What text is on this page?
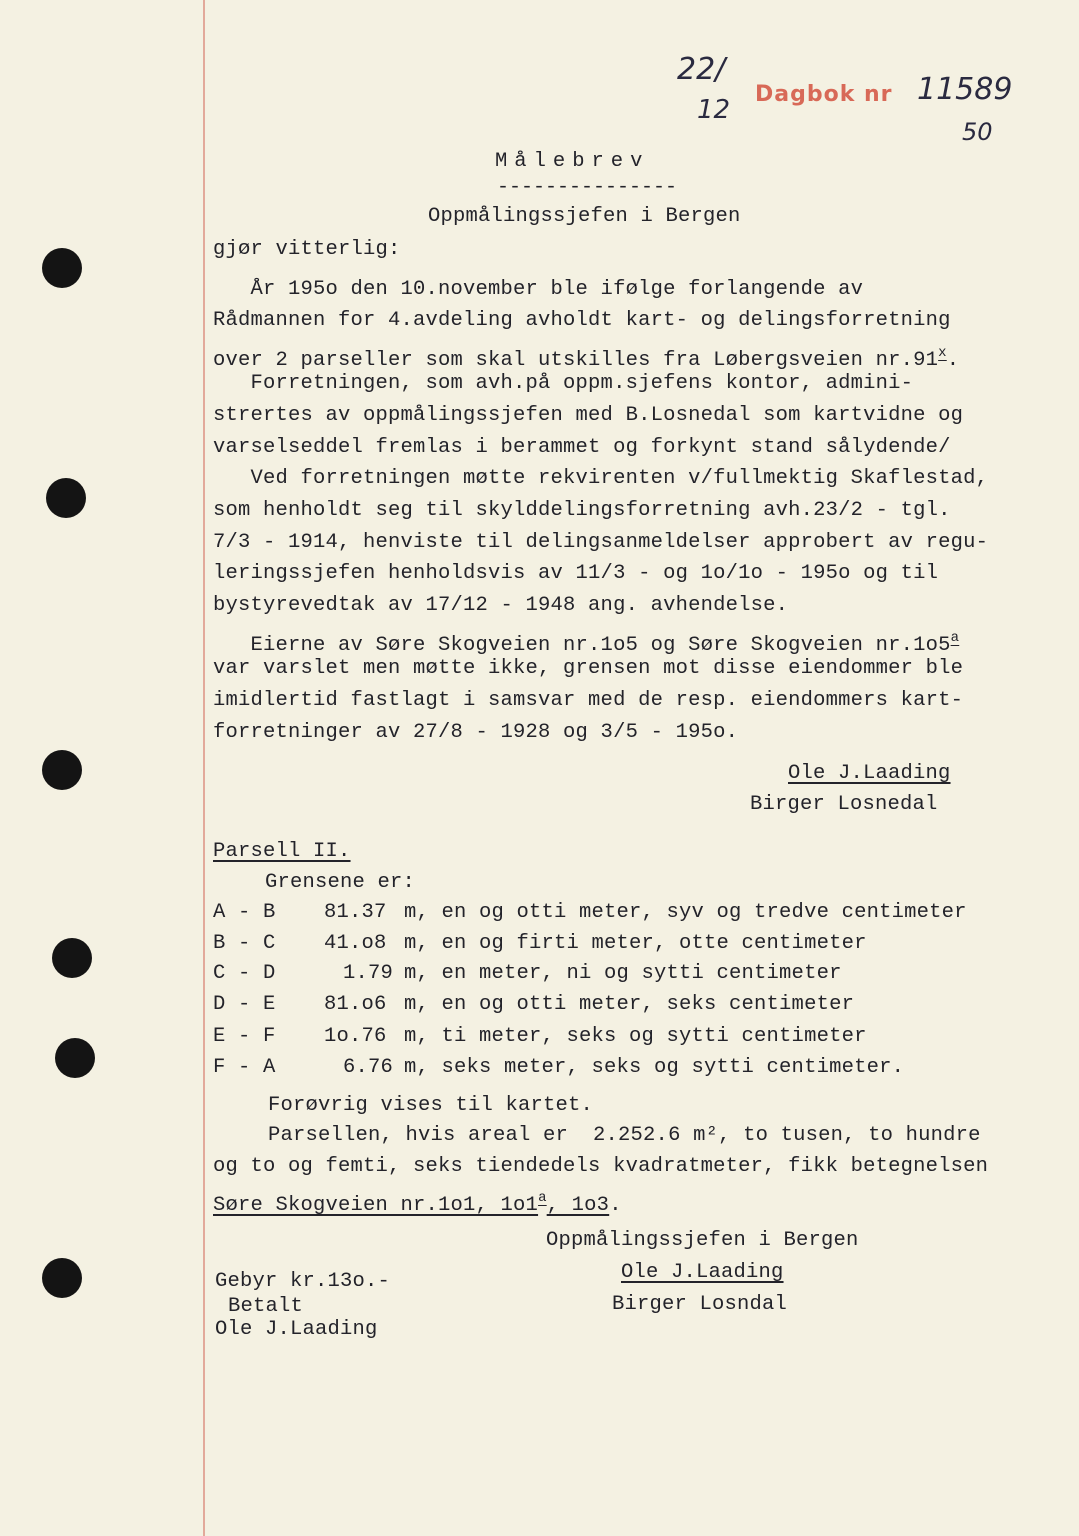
22/
12
Dagbok nr 11589
50
Målebrev
---------------
Oppmålingssjefen i Bergen
gjør vitterlig:
År 195o den 10.november ble ifølge forlangende av
Rådmannen for 4.avdeling avholdt kart- og delingsforretning
over 2 parseller som skal utskilles fra Løbergsveien nr.91$^x$.
Forretningen, som avh.på oppm.sjefens kontor, admini-
strertes av oppmålingssjefen med B.Losnedal som kartvidne og
varselseddel fremlas i berammet og forkynt stand sålydende/
Ved forretningen møtte rekvirenten v/fullmektig Skaflestad,
som henholdt seg til skylddelingsforretning avh.23/2 - tgl.
7/3 - 1914, henviste til delingsanmeldelser approbert av regu-
leringssjefen henholdsvis av 11/3 - og 1o/1o - 195o og til
bystyrevedtak av 17/12 - 1948 ang. avhendelse.
Eierne av Søre Skogveien nr.1o5 og Søre Skogveien nr.1o5$^a$
var varslet men møtte ikke, grensen mot disse eiendommer ble
imidlertid fastlagt i samsvar med de resp. eiendommers kart-
forretninger av 27/8 - 1928 og 3/5 - 195o.
Ole J.Laading
Birger Losnedal
Parsell II.
Grensene er:
A - B 81.37 m, en og otti meter, syv og tredve centimeter
B - C 41.o8 m, en og firti meter, otte centimeter
C - D	1.79 m, en meter, ni og sytti centimeter
D - E 81.o6 m, en og otti meter, seks centimeter
E - F 1o.76 m, ti meter, seks og sytti centimeter
F - A	6.76 m, seks meter, seks og sytti centimeter.
Forøvrig vises til kartet.
Parsellen, hvis areal er  2.252.6 m², to tusen, to hundre
og to og femti, seks tiendedels kvadratmeter, fikk betegnelsen
Søre Skogveien nr.1o1, 1o1$^a$, 1o3.
Oppmålingssjefen i Bergen
Ole J.Laading
Birger Losndal
Gebyr kr.13o.-
Betalt
Ole J.Laading
